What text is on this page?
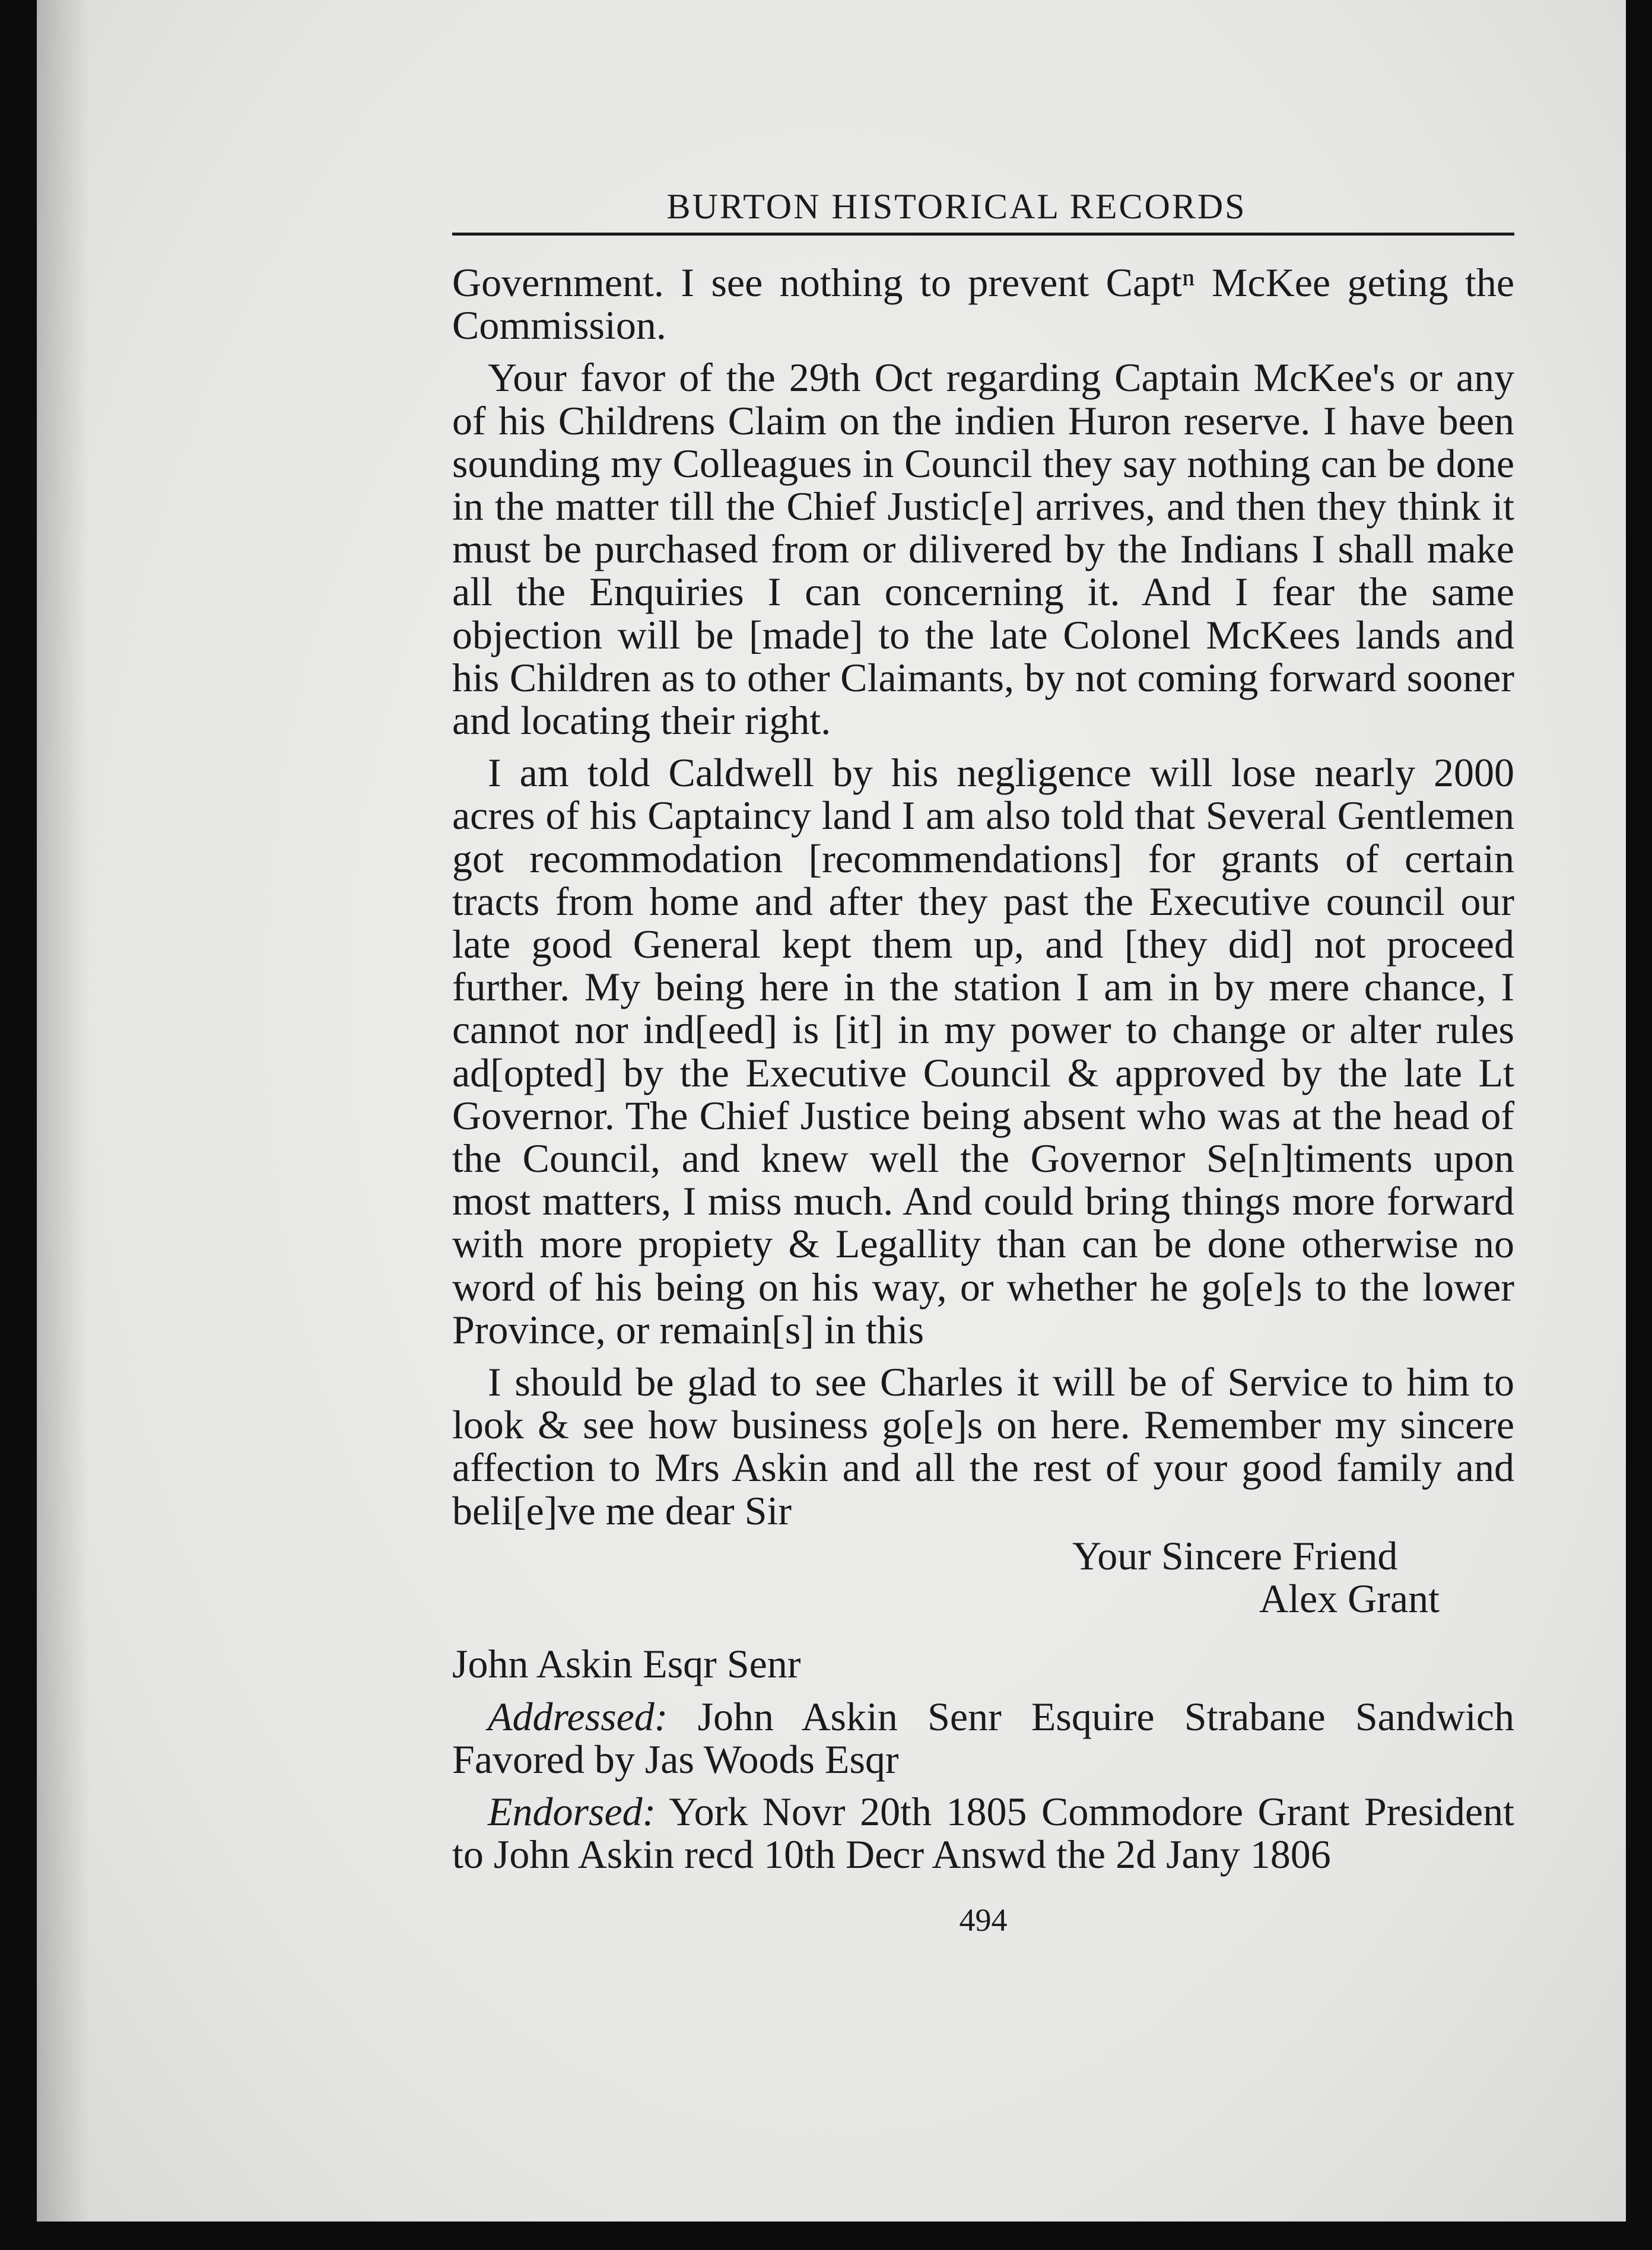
BURTON HISTORICAL RECORDS

Government. I see nothing to prevent Captⁿ McKee geting the Commission.

Your favor of the 29th Oct regarding Captain McKee's or any of his Childrens Claim on the indien Huron reserve. I have been sounding my Colleagues in Council they say nothing can be done in the matter till the Chief Justic[e] arrives, and then they think it must be purchased from or dilivered by the Indians I shall make all the Enquiries I can concerning it. And I fear the same objection will be [made] to the late Colonel McKees lands and his Children as to other Claimants, by not coming forward sooner and locating their right.

I am told Caldwell by his negligence will lose nearly 2000 acres of his Captaincy land I am also told that Several Gentlemen got recommodation [recommendations] for grants of certain tracts from home and after they past the Executive council our late good General kept them up, and [they did] not proceed further. My being here in the station I am in by mere chance, I cannot nor ind[eed] is [it] in my power to change or alter rules ad[opted] by the Executive Council & approved by the late Lt Governor. The Chief Justice being absent who was at the head of the Council, and knew well the Governor Se[n]timents upon most matters, I miss much. And could bring things more forward with more propiety & Legallity than can be done otherwise no word of his being on his way, or whether he go[e]s to the lower Province, or remain[s] in this

I should be glad to see Charles it will be of Service to him to look & see how business go[e]s on here. Remember my sincere affection to Mrs Askin and all the rest of your good family and beli[e]ve me dear Sir

Your Sincere Friend

Alex Grant

John Askin Esqr Senr

Addressed: John Askin Senr Esquire Strabane Sandwich Favored by Jas Woods Esqr

Endorsed: York Novr 20th 1805 Commodore Grant President to John Askin recd 10th Decr Answd the 2d Jany 1806

494
